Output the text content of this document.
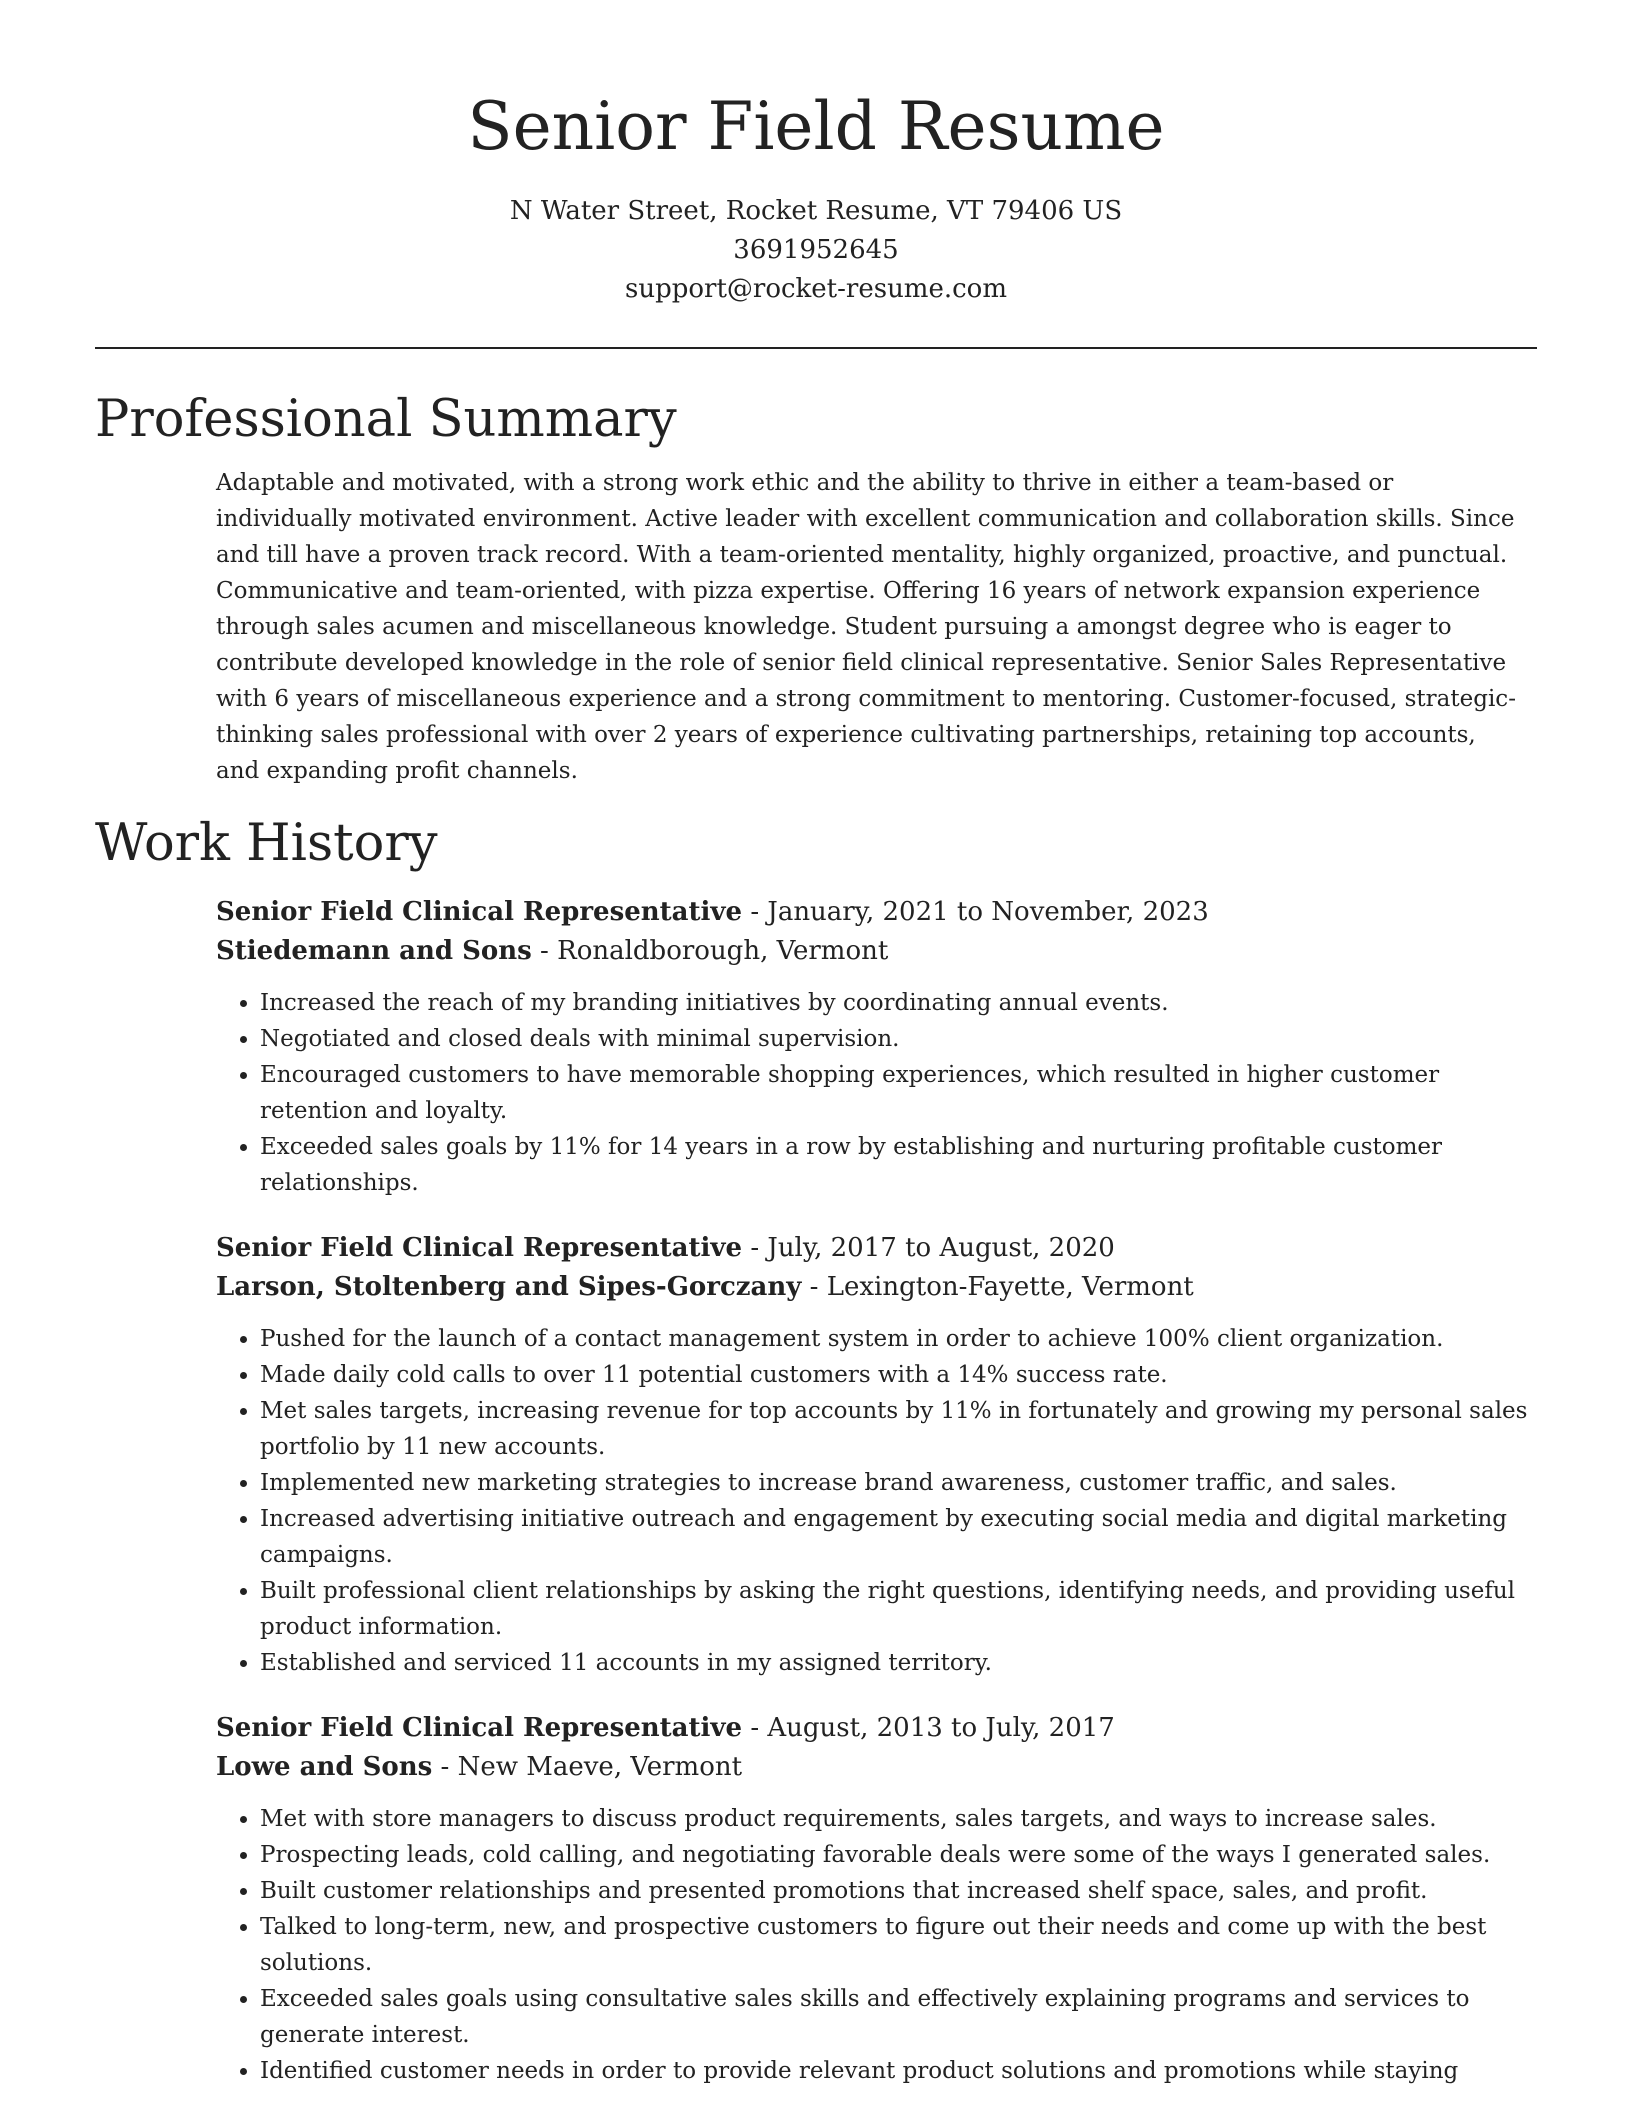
Senior Field Resume
N Water Street, Rocket Resume, VT 79406 US
3691952645
support@rocket-resume.com
Professional Summary

Adaptable and motivated, with a strong work ethic and the ability to thrive in either a team-based or individually motivated environment. Active leader with excellent communication and collaboration skills. Since and till have a proven track record. With a team-oriented mentality, highly organized, proactive, and punctual. Communicative and team-oriented, with pizza expertise. Offering 16 years of network expansion experience through sales acumen and miscellaneous knowledge. Student pursuing a amongst degree who is eager to contribute developed knowledge in the role of senior field clinical representative. Senior Sales Representative with 6 years of miscellaneous experience and a strong commitment to mentoring. Customer-focused, strategic-thinking sales professional with over 2 years of experience cultivating partnerships, retaining top accounts, and expanding profit channels.

Work History
Senior Field Clinical Representative - January, 2021 to November, 2023
Stiedemann and Sons - Ronaldborough, Vermont
• Increased the reach of my branding initiatives by coordinating annual events.
• Negotiated and closed deals with minimal supervision.
• Encouraged customers to have memorable shopping experiences, which resulted in higher customer retention and loyalty.
• Exceeded sales goals by 11% for 14 years in a row by establishing and nurturing profitable customer relationships.
Senior Field Clinical Representative - July, 2017 to August, 2020
Larson, Stoltenberg and Sipes-Gorczany - Lexington-Fayette, Vermont
• Pushed for the launch of a contact management system in order to achieve 100% client organization.
• Made daily cold calls to over 11 potential customers with a 14% success rate.
• Met sales targets, increasing revenue for top accounts by 11% in fortunately and growing my personal sales portfolio by 11 new accounts.
• Implemented new marketing strategies to increase brand awareness, customer traffic, and sales.
• Increased advertising initiative outreach and engagement by executing social media and digital marketing campaigns.
• Built professional client relationships by asking the right questions, identifying needs, and providing useful product information.
• Established and serviced 11 accounts in my assigned territory.
Senior Field Clinical Representative - August, 2013 to July, 2017
Lowe and Sons - New Maeve, Vermont
• Met with store managers to discuss product requirements, sales targets, and ways to increase sales.
• Prospecting leads, cold calling, and negotiating favorable deals were some of the ways I generated sales.
• Built customer relationships and presented promotions that increased shelf space, sales, and profit.
• Talked to long-term, new, and prospective customers to figure out their needs and come up with the best solutions.
• Exceeded sales goals using consultative sales skills and effectively explaining programs and services to generate interest.
• Identified customer needs in order to provide relevant product solutions and promotions while staying
